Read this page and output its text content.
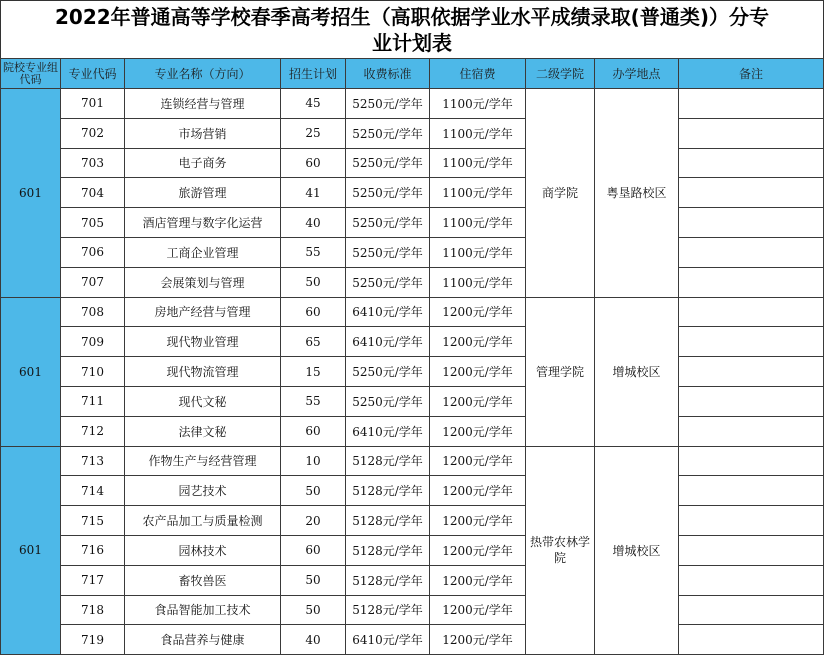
2022年普通高等学校春季高考招生（高职依据学业水平成绩录取(普通类)）分专
业计划表
院校专业组代码	专业代码	专业名称（方向）	招生计划	收费标准	住宿费	二级学院	办学地点	备注
601	701	连锁经营与管理	45	5250元/学年	1100元/学年	商学院	粤垦路校区	
	702	市场营销	25	5250元/学年	1100元/学年			
	703	电子商务	60	5250元/学年	1100元/学年			
	704	旅游管理	41	5250元/学年	1100元/学年			
	705	酒店管理与数字化运营	40	5250元/学年	1100元/学年			
	706	工商企业管理	55	5250元/学年	1100元/学年			
	707	会展策划与管理	50	5250元/学年	1100元/学年			
601	708	房地产经营与管理	60	6410元/学年	1200元/学年	管理学院	增城校区	
	709	现代物业管理	65	6410元/学年	1200元/学年			
	710	现代物流管理	15	5250元/学年	1200元/学年			
	711	现代文秘	55	5250元/学年	1200元/学年			
	712	法律文秘	60	6410元/学年	1200元/学年			
601	713	作物生产与经营管理	10	5128元/学年	1200元/学年	热带农林学院	增城校区	
	714	园艺技术	50	5128元/学年	1200元/学年			
	715	农产品加工与质量检测	20	5128元/学年	1200元/学年			
	716	园林技术	60	5128元/学年	1200元/学年			
	717	畜牧兽医	50	5128元/学年	1200元/学年			
	718	食品智能加工技术	50	5128元/学年	1200元/学年			
	719	食品营养与健康	40	6410元/学年	1200元/学年			
